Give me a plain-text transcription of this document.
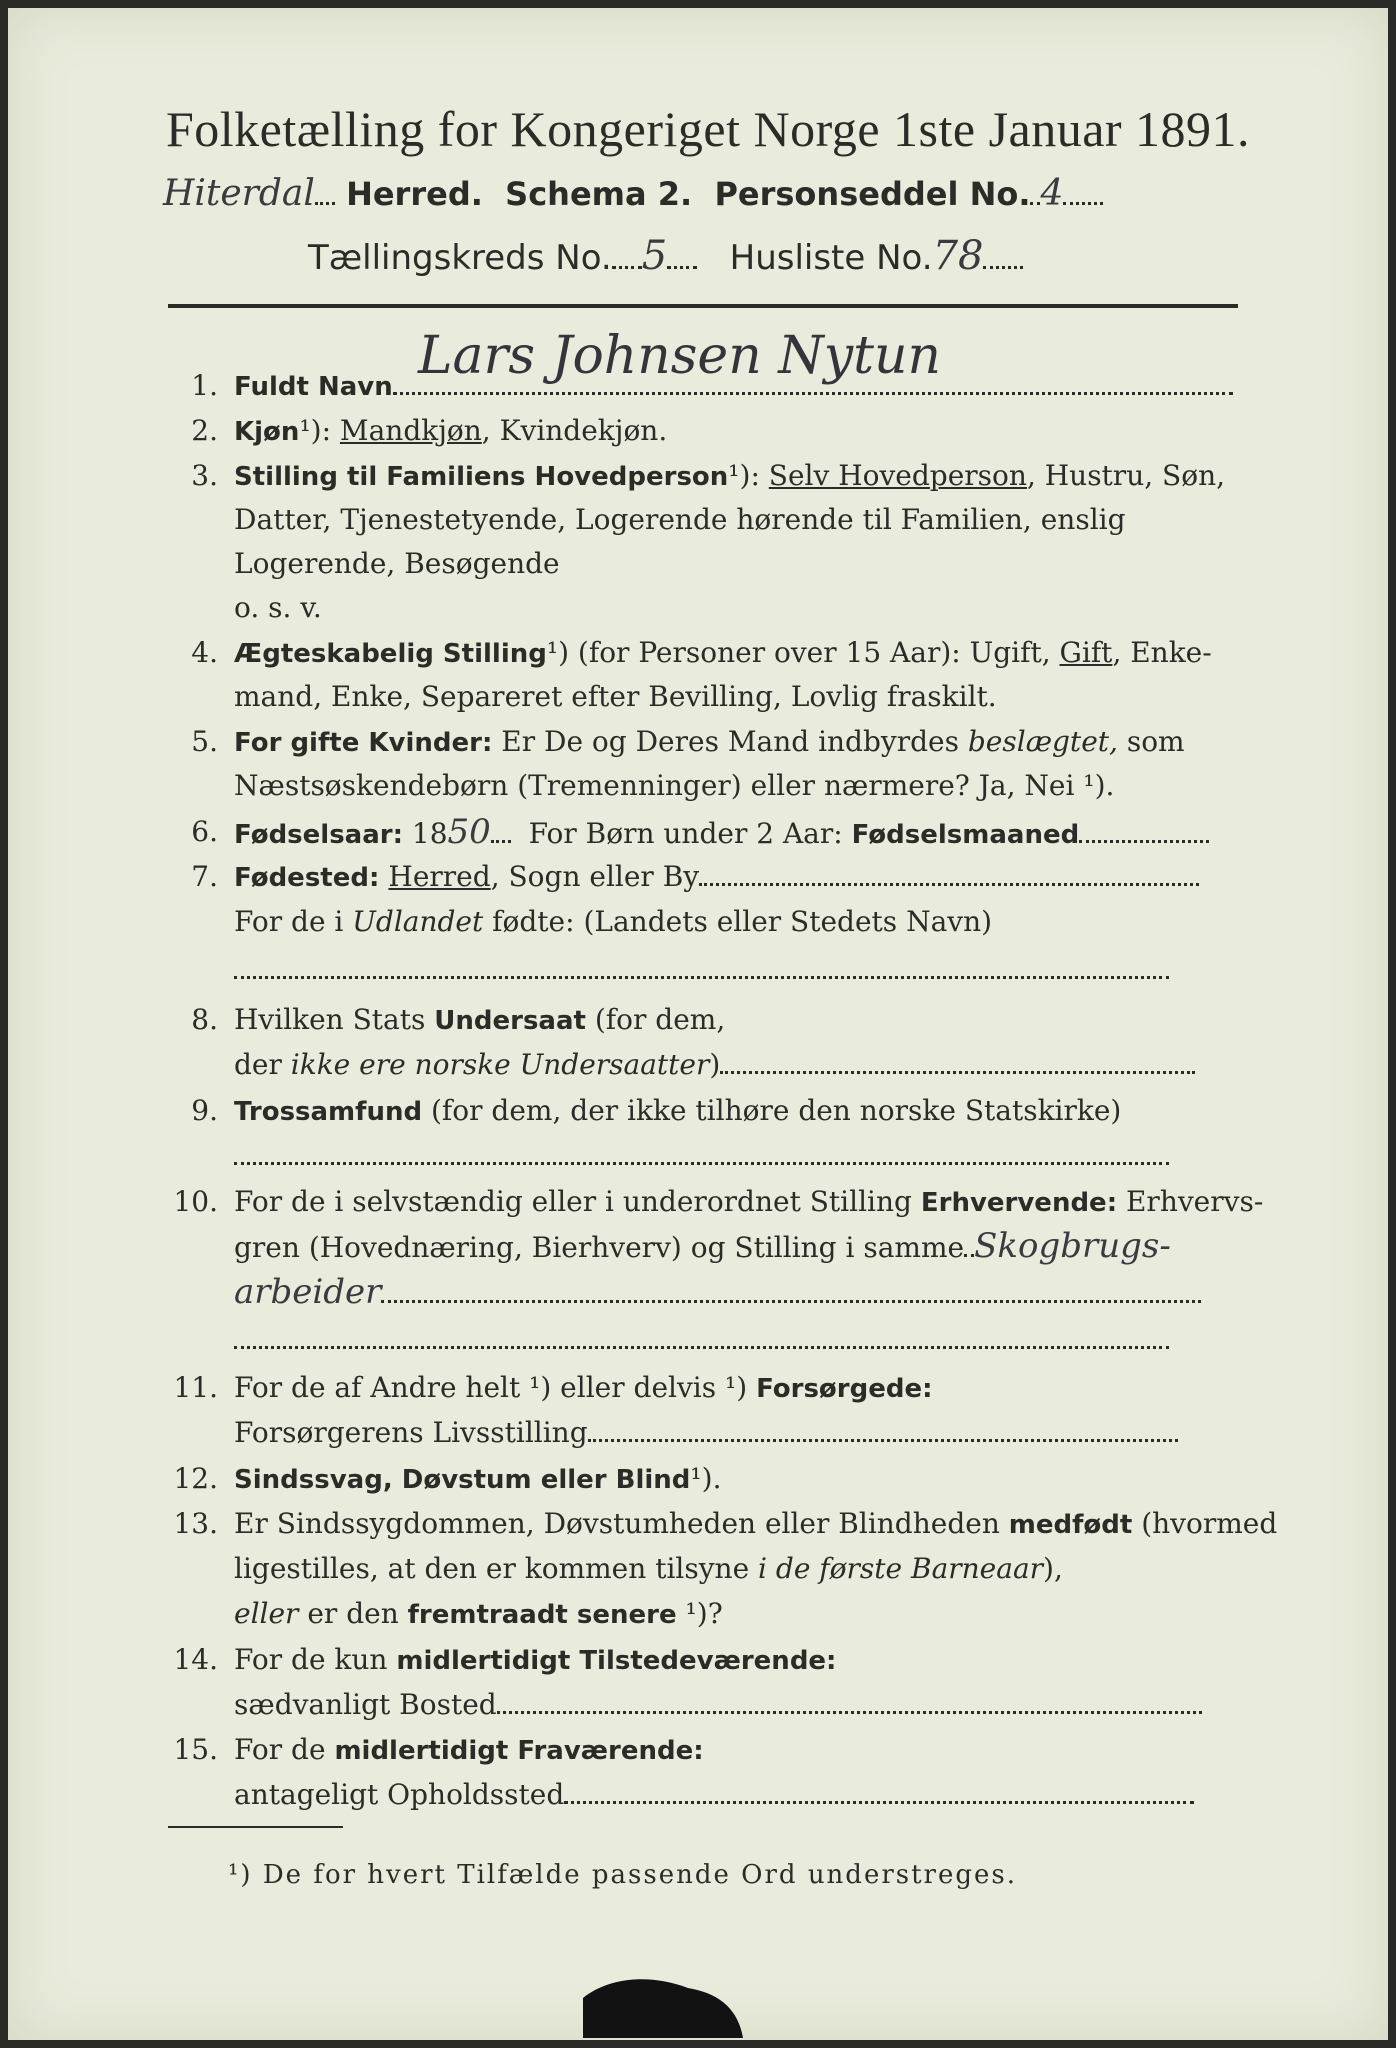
Folketælling for Kongeriget Norge 1ste Januar 1891.
Hiterdal Herred. Schema 2. Personseddel No. 4
Tællingskreds No. 5 Husliste No.78
1. Fuldt Navn
Lars Johnsen Nytun
2. Kjøn¹): Mandkjøn, Kvindekjøn.
3. Stilling til Familiens Hovedperson¹): Selv Hovedperson, Hustru, Søn,
Datter, Tjenestetyende, Logerende hørende til Familien, enslig
Logerende, Besøgende
o. s. v.
4. Ægteskabelig Stilling¹) (for Personer over 15 Aar): Ugift, Gift, Enke-
mand, Enke, Separeret efter Bevilling, Lovlig fraskilt.
5. For gifte Kvinder: Er De og Deres Mand indbyrdes beslægtet, som
Næstsøskendebørn (Tremenninger) eller nærmere? Ja, Nei ¹).
6. Fødselsaar: 1850 For Børn under 2 Aar: Fødselsmaaned
7. Fødested: Herred, Sogn eller By
For de i Udlandet fødte: (Landets eller Stedets Navn)
8. Hvilken Stats Undersaat (for dem,
der ikke ere norske Undersaatter)
9. Trossamfund (for dem, der ikke tilhøre den norske Statskirke)
10. For de i selvstændig eller i underordnet Stilling Erhvervende: Erhvervs-
gren (Hovednæring, Bierhverv) og Stilling i samme Skogbrugs-
arbeider
11. For de af Andre helt ¹) eller delvis ¹) Forsørgede:
Forsørgerens Livsstilling
12. Sindssvag, Døvstum eller Blind¹).
13. Er Sindssygdommen, Døvstumheden eller Blindheden medfødt (hvormed
ligestilles, at den er kommen tilsyne i de første Barneaar),
eller er den fremtraadt senere ¹)?
14. For de kun midlertidigt Tilstedeværende:
sædvanligt Bosted
15. For de midlertidigt Fraværende:
antageligt Opholdssted
¹) De for hvert Tilfælde passende Ord understreges.
